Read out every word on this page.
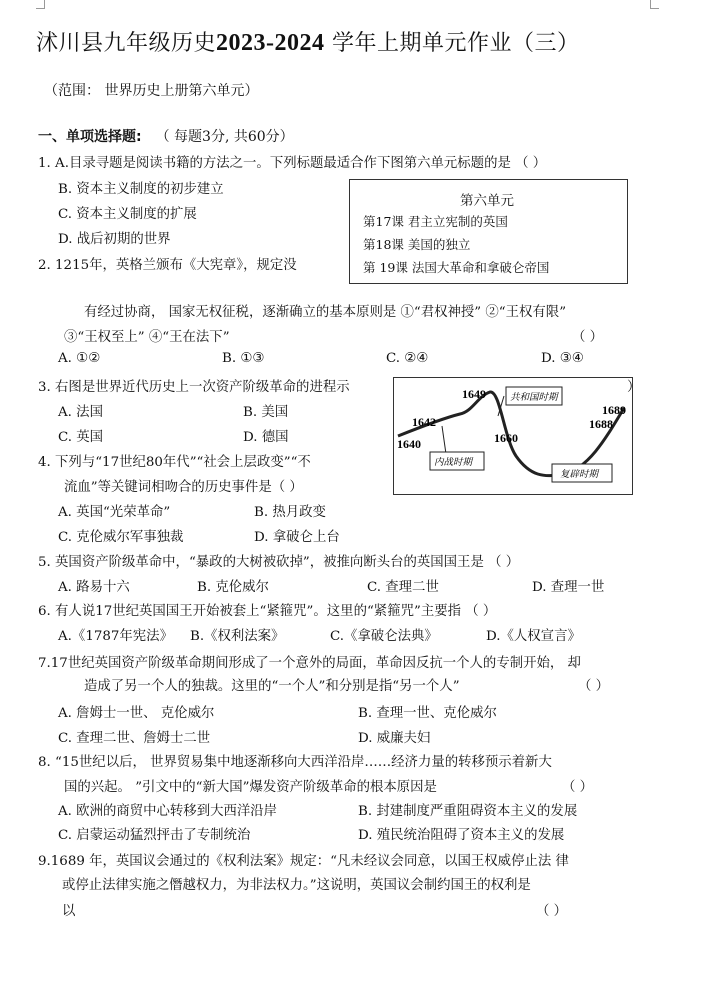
沭川县九年级历史2023-2024 学年上期单元作业（三）
（范围： 世界历史上册第六单元）
一、单项选择题: （ 每题3分, 共60分）
1. A.目录寻题是阅读书籍的方法之一。下列标题最适合作下图第六单元标题的是 （ ）
B. 资本主义制度的初步建立
C. 资本主义制度的扩展
D. 战后初期的世界
第六单元
第17课 君主立宪制的英国
第18课 美国的独立
第 19课 法国大革命和拿破仑帝国
2. 1215年，英格兰颁布《大宪章》，规定没
有经过协商， 国家无权征税，逐渐确立的基本原则是 ①“君权神授” ②“王权有限”
③“王权至上” ④“王在法下”	（ ）
A. ①②	B. ①③	C. ②④	D. ③④
3. 右图是世界近代历史上一次资产阶级革命的进程示	）
A. 法国	B. 美国
C. 英国	D. 德国
共和国时期
内战时期
复辟时期
1640
1642
1649
1660
1688
1689
4. 下列与“17世纪80年代”“社会上层政变”“不
流血”等关键词相吻合的历史事件是（ ）
A. 英国“光荣革命”	B. 热月政变
C. 克伦威尔军事独裁	D. 拿破仑上台
5. 英国资产阶级革命中，“暴政的大树被砍掉”，被推向断头台的英国国王是 （ ）
A. 路易十六	B. 克伦威尔	C. 查理二世	D. 查理一世
6. 有人说17世纪英国国王开始被套上“紧箍咒”。这里的“紧箍咒”主要指 （ ）
A.《1787年宪法》 B.《权利法案》	C.《拿破仑法典》	D.《人权宣言》
7.17世纪英国资产阶级革命期间形成了一个意外的局面，革命因反抗一个人的专制开始， 却
造成了另一个人的独裁。这里的“一个人”和分别是指“另一个人”	（ ）
A. 詹姆士一世、 克伦威尔	B. 查理一世、克伦威尔
C. 查理二世、詹姆士二世	D. 威廉夫妇
8. “15世纪以后， 世界贸易集中地逐渐移向大西洋沿岸……经济力量的转移预示着新大
国的兴起。 ”引文中的“新大国”爆发资产阶级革命的根本原因是	（ ）
A. 欧洲的商贸中心转移到大西洋沿岸	B. 封建制度严重阻碍资本主义的发展
C. 启蒙运动猛烈抨击了专制统治	D. 殖民统治阻碍了资本主义的发展
9.1689 年，英国议会通过的《权利法案》规定：“凡未经议会同意，以国王权威停止法 律
或停止法律实施之僭越权力，为非法权力。”这说明，英国议会制约国王的权利是
以	（ ）
